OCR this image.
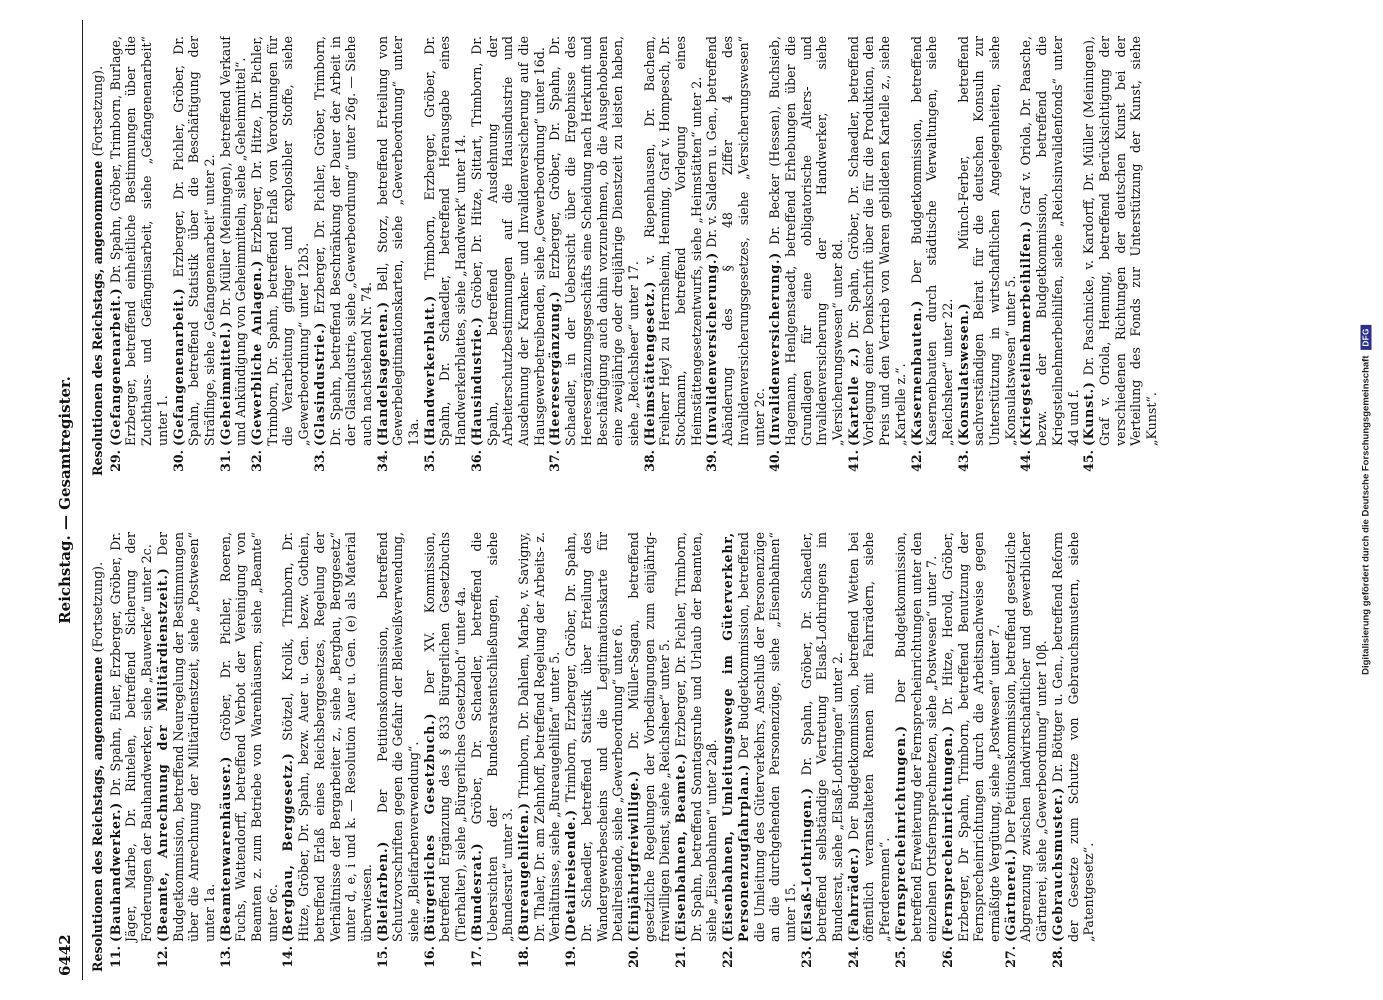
6442
Reichstag. — Gesamtregister.
Resolutionen des Reichstags, angenommene (Fortsetzung).

11.
(Bauhandwerker.) Dr. Spahn, Euler, Erzberger, Gröber, Dr. Jäger, Marbe, Dr. Rintelen, betreffend Sicherung der Forderungen der Bauhandwerker, siehe „Bauwerke“ unter 2c.

12.
(Beamte, Anrechnung der Militärdienstzeit.) Der Budgetkommission, betreffend Neuregelung der Bestimmungen über die Anrechnung der Militärdienstzeit, siehe „Postwesen“ unter 1a.

13.
(Beamtenwarenhäuser.) Gröber, Dr. Pichler, Roeren, Fuchs, Wattendorff, betreffend Verbot der Vereinigung von Beamten z. zum Betriebe von Warenhäusern, siehe „Beamte“ unter 6c.

14.
(Bergbau, Berggesetz.) Stötzel, Krolik, Trimborn, Dr. Hitze, Gröber, Dr. Spahn, bezw. Auer u. Gen. bezw. Gothein, betreffend Erlaß eines Reichsberggesetzes, Regelung der Verhältnisse der Bergarbeiter z., siehe „Bergbau, Berggesetz“ unter d, e, i und k. — Resolution Auer u. Gen. (e) als Material überwiesen.

15.
(Bleifarben.) Der Petitionskommission, betreffend Schutzvorschriften gegen die Gefahr der Bleiweißverwendung, siehe „Bleifarbenverwendung“.

16.
(Bürgerliches Gesetzbuch.) Der XV. Kommission, betreffend Ergänzung des § 833 Bürgerlichen Gesetzbuchs (Tierhalter), siehe „Bürgerliches Gesetzbuch“ unter 4a.

17.
(Bundesrat.) Gröber, Dr. Schaedler, betreffend die Uebersichten der Bundesratsentschließungen, siehe „Bundesrat“ unter 3.

18.
(Bureaugehilfen.) Trimborn, Dr. Dahlem, Marbe, v. Savigny, Dr. Thaler, Dr. am Zehnhoff, betreffend Regelung der Arbeits- z. Verhältnisse, siehe „Bureaugehilfen“ unter 5.

19.
(Detailreisende.) Trimborn, Erzberger, Gröber, Dr. Spahn, Dr. Schaedler, betreffend Statistik über Erteilung des Wandergewerbescheins und die Legitimationskarte für Detailreisende, siehe „Gewerbeordnung“ unter 6.

20.
(Einjährigfreiwillige.) Dr. Müller-Sagan, betreffend gesetzliche Regelungen der Vorbedingungen zum einjährig-freiwilligen Dienst, siehe „Reichsheer“ unter 5.

21.
(Eisenbahnen, Beamte.) Erzberger, Dr. Pichler, Trimborn, Dr. Spahn, betreffend Sonntagsruhe und Urlaub der Beamten, siehe „Eisenbahnen“ unter 2aβ.

22.
(Eisenbahnen, Umleitungswege im Güterverkehr, Personenzugfahrplan.) Der Budgetkommission, betreffend die Umleitung des Güterverkehrs, Anschluß der Personenzüge an die durchgehenden Personenzüge, siehe „Eisenbahnen“ unter 15.

23.
(Elsaß-Lothringen.) Dr. Spahn, Gröber, Dr. Schaedler, betreffend selbständige Vertretung Elsaß-Lothringens im Bundesrat, siehe „Elsaß-Lothringen“ unter 2.

24.
(Fahrräder.) Der Budgetkommission, betreffend Wetten bei öffentlich veranstalteten Rennen mit Fahrrädern, siehe „Pferderennen“.

25.
(Fernsprecheinrichtungen.) Der Budgetkommission, betreffend Erweiterung der Fernsprecheinrichtungen unter den einzelnen Ortsfernsprechnetzen, siehe „Postwesen“ unter 7.

26.
(Fernsprecheinrichtungen.) Dr. Hitze, Herold, Gröber, Erzberger, Dr Spahn, Trimborn, betreffend Benutzung der Fernsprecheinrichtungen durch die Arbeitsnachweise gegen ermäßigte Vergütung, siehe „Postwesen“ unter 7.

27.
(Gärtnerei.) Der Petitionskommission, betreffend gesetzliche Abgrenzung zwischen landwirtschaftlicher und gewerblicher Gärtnerei, siehe „Gewerbeordnung“ unter 10β.

28.
(Gebrauchsmuster.) Dr. Böttger u. Gen., betreffend Reform der Gesetze zum Schutze von Gebrauchsmustern, siehe „Patentgesetz“.

Resolutionen des Reichstags, angenommene (Fortsetzung).

29.
(Gefangenenarbeit.) Dr. Spahn, Gröber, Trimborn, Burlage, Erzberger, betreffend einheitliche Bestimmungen über die Zuchthaus- und Gefängnisarbeit, siehe „Gefangenenarbeit“ unter 1.

30.
(Gefangenenarbeit.) Erzberger, Dr. Pichler, Gröber, Dr. Spahn, betreffend Statistik über die Beschäftigung der Sträflinge, siehe „Gefangenenarbeit“ unter 2.

31.
(Geheimmittel.) Dr. Müller (Meiningen), betreffend Verkauf und Ankündigung von Geheimmitteln, siehe „Geheimmittel“.

32.
(Gewerbliche Anlagen.) Erzberger, Dr. Hitze, Dr. Pichler, Trimborn, Dr. Spahn, betreffend Erlaß von Verordnungen für die Verarbeitung giftiger und explosibler Stoffe, siehe „Gewerbeordnung“ unter 12b3.

33.
(Glasindustrie.) Erzberger, Dr. Pichler, Gröber, Trimborn, Dr. Spahn, betreffend Beschränkung der Dauer der Arbeit in der Glasindustrie, siehe „Gewerbeordnung“ unter 26g. — Siehe auch nachstehend Nr. 74.

34.
(Handelsagenten.) Bell, Storz, betreffend Erteilung von Gewerbelegitimationskarten, siehe „Gewerbeordnung“ unter 13a.

35.
(Handwerkerblatt.) Trimborn, Erzberger, Gröber, Dr. Spahn, Dr. Schaedler, betreffend Herausgabe eines Handwerkerblattes, siehe „Handwerk“ unter 14.

36.
(Hausindustrie.) Gröber, Dr. Hitze, Sittart, Trimborn, Dr. Spahn, betreffend Ausdehnung der Arbeiterschutzbestimmungen auf die Hausindustrie und Ausdehnung der Kranken- und Invalidenversicherung auf die Hausgewerbetreibenden, siehe „Gewerbeordnung“ unter 16d.

37.
(Heeresergänzung.) Erzberger, Gröber, Dr. Spahn, Dr. Schaedler, in der Uebersicht über die Ergebnisse des Heeresergänzungsgeschäfts eine Scheidung nach Herkunft und Beschäftigung auch dahin vorzunehmen, ob die Ausgehobenen eine zweijährige oder dreijährige Dienstzeit zu leisten haben, siehe „Reichsheer“ unter 17.

38.
(Heimstättengesetz.) v. Riepenhausen, Dr. Bachem, Freiherr Heyl zu Herrnsheim, Henning, Graf v. Hompesch, Dr. Stockmann, betreffend Vorlegung eines Heimstättengesetzentwurfs, siehe „Heimstätten“ unter 2.

39.
(Invalidenversicherung.) Dr. v. Saldern u. Gen., betreffend Abänderung des § 48 Ziffer 4 des Invalidenversicherungsgesetzes, siehe „Versicherungswesen“ unter 2c.

40.
(Invalidenversicherung.) Dr. Becker (Hessen), Buchsieb, Hagemann, Henlgenstaedt, betreffend Erhebungen über die Grundlagen für eine obligatorische Alters- und Invalidenversicherung der Handwerker, siehe „Versicherungswesen“ unter 8d.

41.
(Kartelle z.) Dr. Spahn, Gröber, Dr. Schaedler, betreffend Vorlegung einer Denkschrift über die für die Produktion, den Preis und den Vertrieb von Waren gebildeten Kartelle z., siehe „Kartelle z.“.

42.
(Kasernenbauten.) Der Budgetkommission, betreffend Kasernenbauten durch städtische Verwaltungen, siehe „Reichsheer“ unter 22.

43.
(Konsulatswesen.) Münch-Ferber, betreffend sachverständigen Beirat für die deutschen Konsuln zur Unterstützung in wirtschaftlichen Angelegenheiten, siehe „Konsulatswesen“ unter 5.

44.
(Kriegsteilnehmerbeihilfen.) Graf v. Oriola, Dr. Paasche, bezw. der Budgetkommission, betreffend die Kriegsteilnehmerbeihilfen, siehe „Reichsinvalidenfonds“ unter 4d und f.

45.
(Kunst.) Dr. Paschnicke, v. Kardorff, Dr. Müller (Meiningen), Graf v. Oriola, Henning, betreffend Berücksichtigung der verschiedenen Richtungen der deutschen Kunst bei der Verteilung des Fonds zur Unterstützung der Kunst, siehe „Kunst“.	Digitalisierung gefördert durch die Deutsche Forschungsgemeinschaft
DFG
